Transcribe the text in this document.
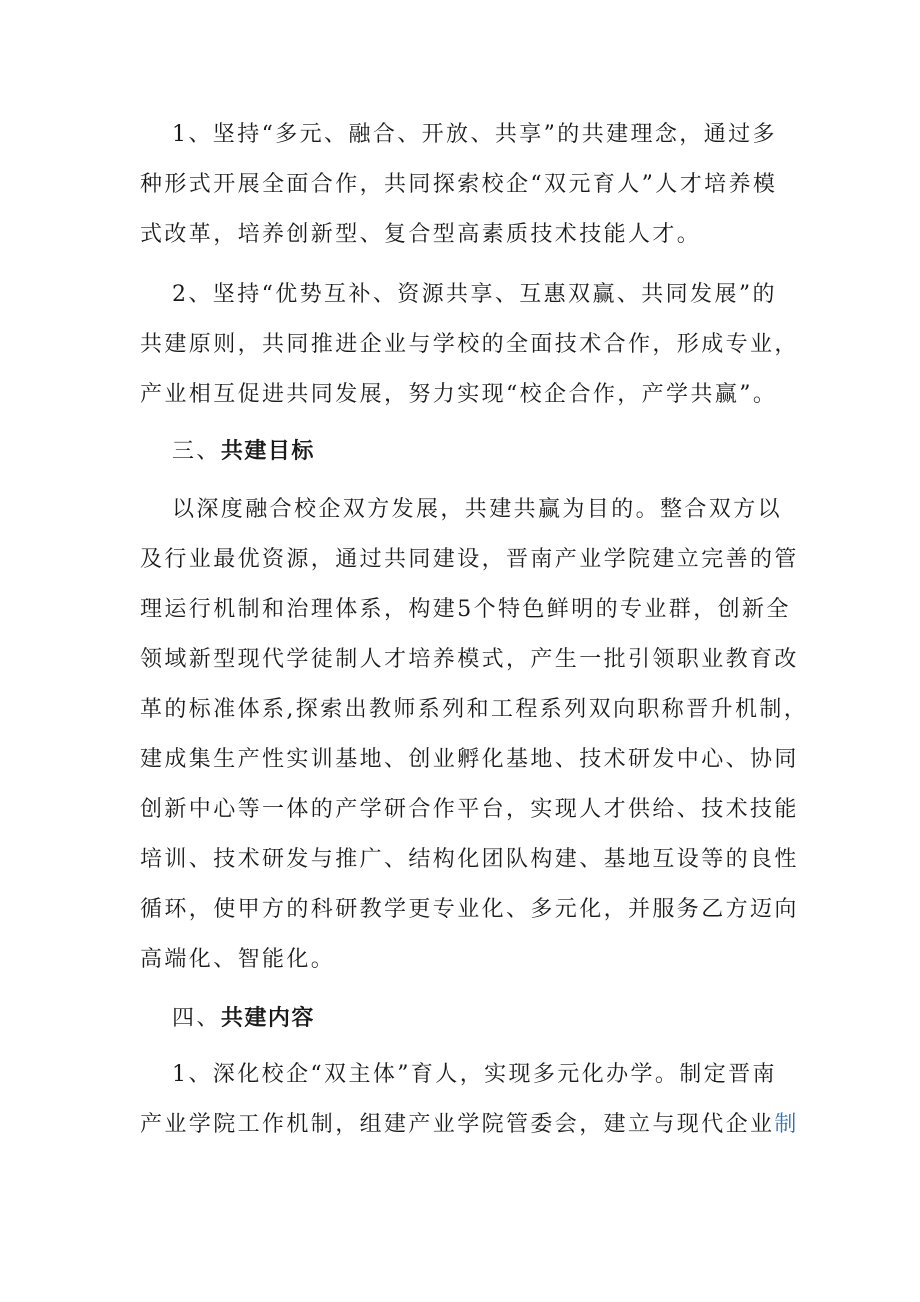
1、坚持“多元、融合、开放、共享”的共建理念，通过多
种形式开展全面合作，共同探索校企“双元育人”人才培养模
式改革，培养创新型、复合型高素质技术技能人才。
2、坚持“优势互补、资源共享、互惠双赢、共同发展”的
共建原则，共同推进企业与学校的全面技术合作，形成专业，
产业相互促进共同发展，努力实现“校企合作，产学共赢”。
三、共建目标
以深度融合校企双方发展，共建共赢为目的。整合双方以
及行业最优资源，通过共同建设，晋南产业学院建立完善的管
理运行机制和治理体系，构建5个特色鲜明的专业群，创新全
领域新型现代学徒制人才培养模式，产生一批引领职业教育改
革的标准体系,探索出教师系列和工程系列双向职称晋升机制，
建成集生产性实训基地、创业孵化基地、技术研发中心、协同
创新中心等一体的产学研合作平台，实现人才供给、技术技能
培训、技术研发与推广、结构化团队构建、基地互设等的良性
循环，使甲方的科研教学更专业化、多元化，并服务乙方迈向
高端化、智能化。
四、共建内容
1、深化校企“双主体”育人，实现多元化办学。制定晋南
产业学院工作机制，组建产业学院管委会，建立与现代企业制
